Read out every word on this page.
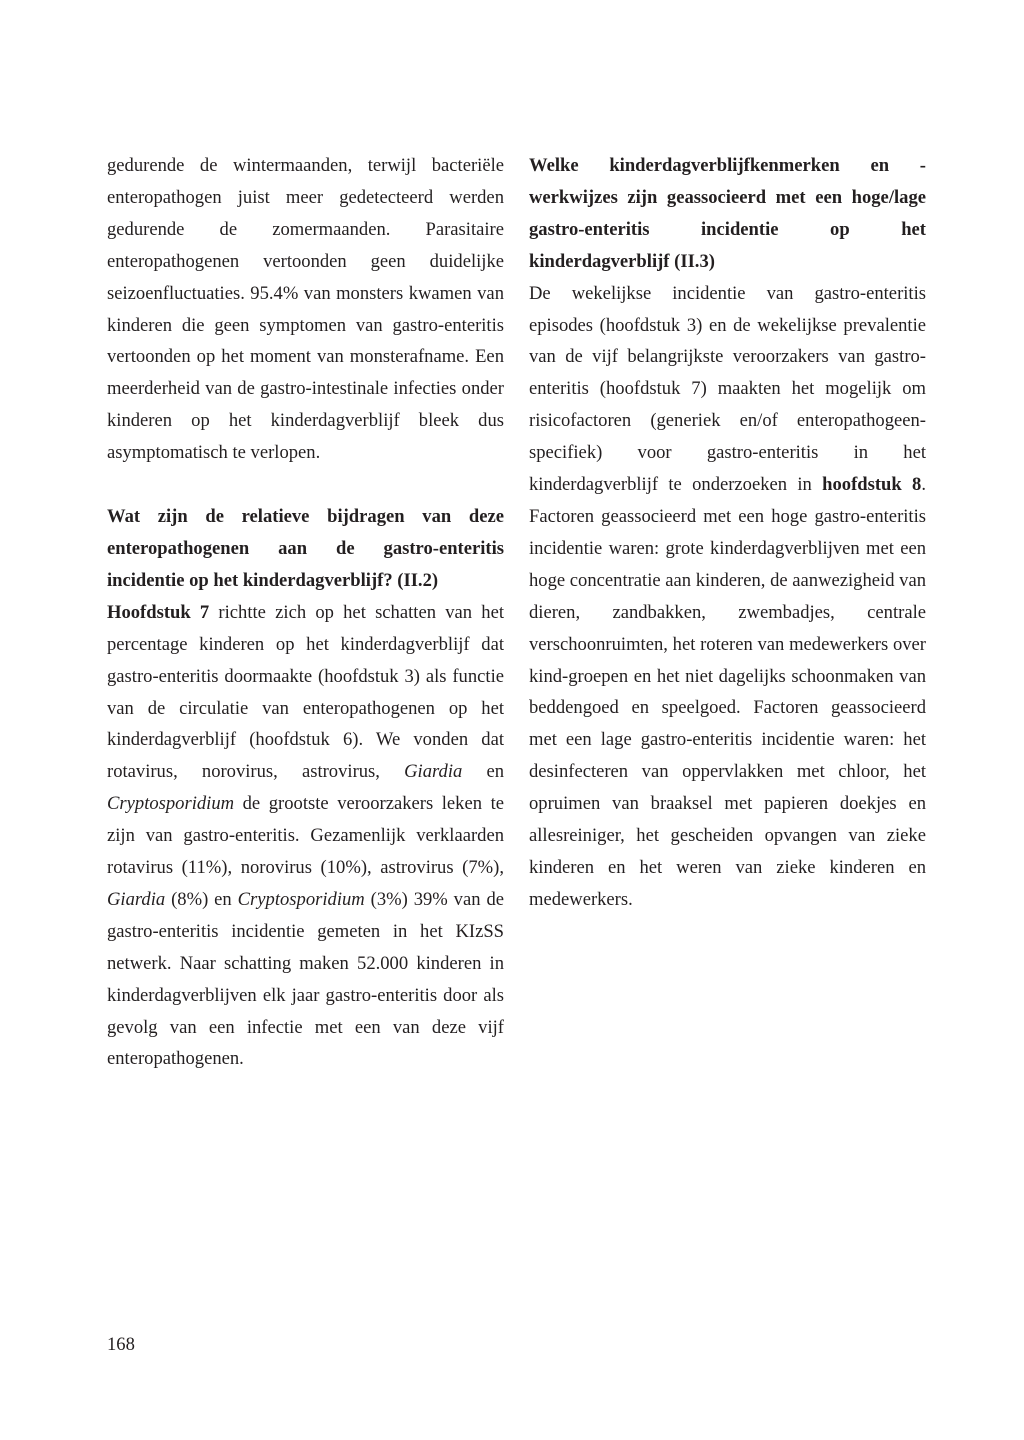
gedurende de wintermaanden, terwijl bacteriële enteropathogen juist meer gedetecteerd werden gedurende de zomermaanden. Parasitaire enteropathogenen vertoonden geen duidelijke seizoenfluctuaties. 95.4% van monsters kwamen van kinderen die geen symptomen van gastro-enteritis vertoonden op het moment van monsterafname. Een meerderheid van de gastro-intestinale infecties onder kinderen op het kinderdagverblijf bleek dus asymptomatisch te verlopen.

Wat zijn de relatieve bijdragen van deze enteropathogenen aan de gastro-enteritis incidentie op het kinderdagverblijf? (II.2)

Hoofdstuk 7 richtte zich op het schatten van het percentage kinderen op het kinderdagverblijf dat gastro-enteritis doormaakte (hoofdstuk 3) als functie van de circulatie van enteropathogenen op het kinderdagverblijf (hoofdstuk 6). We vonden dat rotavirus, norovirus, astrovirus, Giardia en Cryptosporidium de grootste veroorzakers leken te zijn van gastro-enteritis. Gezamenlijk verklaarden rotavirus (11%), norovirus (10%), astrovirus (7%), Giardia (8%) en Cryptosporidium (3%) 39% van de gastro-enteritis incidentie gemeten in het KIzSS netwerk. Naar schatting maken 52.000 kinderen in kinderdagverblijven elk jaar gastro-enteritis door als gevolg van een infectie met een van deze vijf enteropathogenen.

Welke kinderdagverblijfkenmerken en -werkwijzes zijn geassocieerd met een hoge/lage gastro-enteritis incidentie op het kinderdagverblijf (II.3)

De wekelijkse incidentie van gastro-enteritis episodes (hoofdstuk 3) en de wekelijkse prevalentie van de vijf belangrijkste veroorzakers van gastro-enteritis (hoofdstuk 7) maakten het mogelijk om risicofactoren (generiek en/of enteropathogeen-specifiek) voor gastro-enteritis in het kinderdagverblijf te onderzoeken in hoofdstuk 8. Factoren geassocieerd met een hoge gastro-enteritis incidentie waren: grote kinderdagverblijven met een hoge concentratie aan kinderen, de aanwezigheid van dieren, zandbakken, zwembadjes, centrale verschoonruimten, het roteren van medewerkers over kind-groepen en het niet dagelijks schoonmaken van beddengoed en speelgoed. Factoren geassocieerd met een lage gastro-enteritis incidentie waren: het desinfecteren van oppervlakken met chloor, het opruimen van braaksel met papieren doekjes en allesreiniger, het gescheiden opvangen van zieke kinderen en het weren van zieke kinderen en medewerkers.

168
